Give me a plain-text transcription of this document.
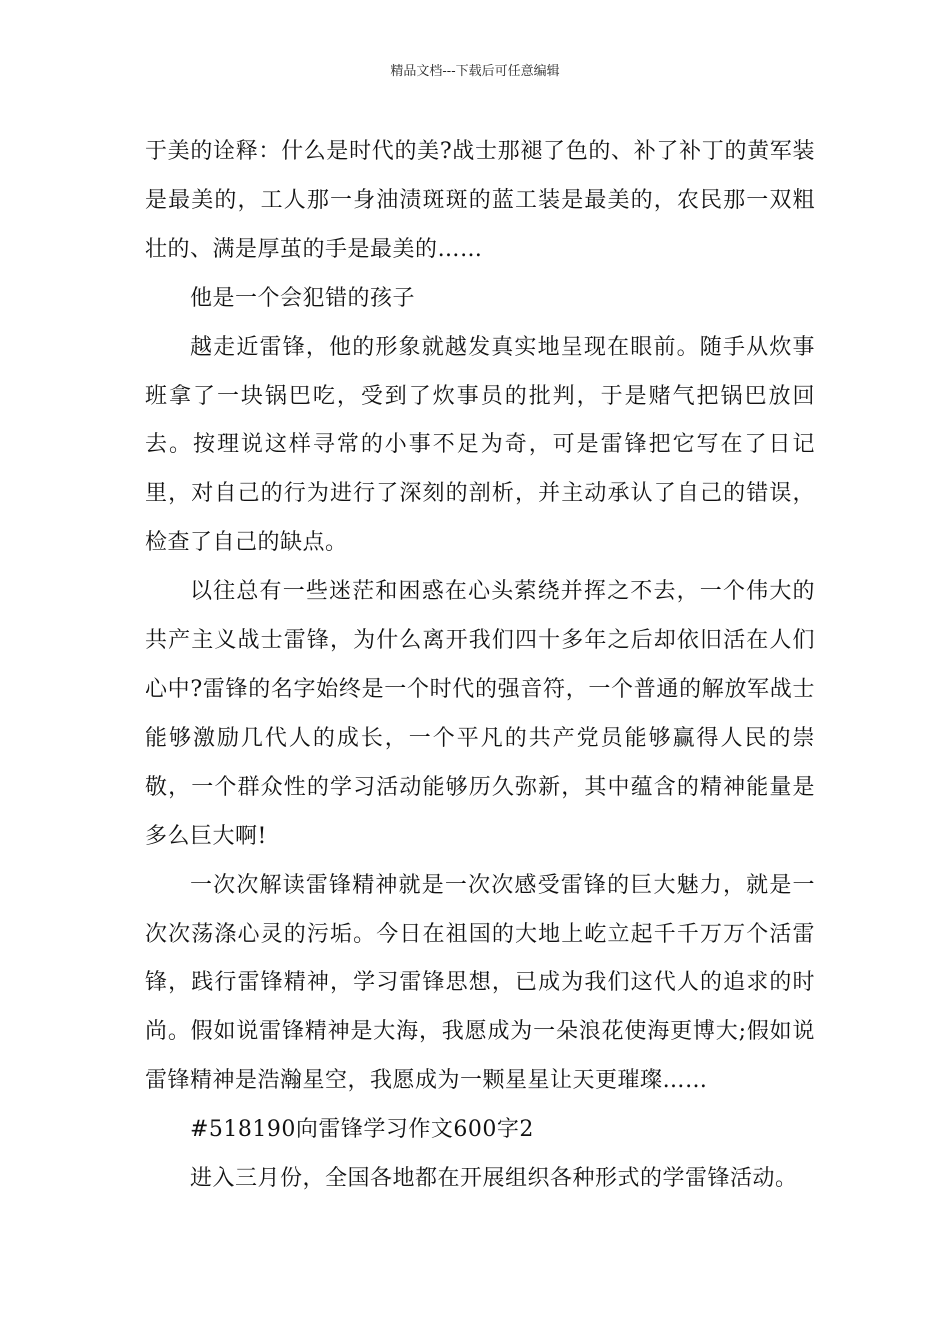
精品文档---下载后可任意编辑

于美的诠释：什么是时代的美?战士那褪了色的、补了补丁的黄军装是最美的，工人那一身油渍斑斑的蓝工装是最美的，农民那一双粗壮的、满是厚茧的手是最美的……

他是一个会犯错的孩子

越走近雷锋，他的形象就越发真实地呈现在眼前。随手从炊事班拿了一块锅巴吃，受到了炊事员的批判，于是赌气把锅巴放回去。按理说这样寻常的小事不足为奇，可是雷锋把它写在了日记里，对自己的行为进行了深刻的剖析，并主动承认了自己的错误，检查了自己的缺点。

以往总有一些迷茫和困惑在心头萦绕并挥之不去，一个伟大的共产主义战士雷锋，为什么离开我们四十多年之后却依旧活在人们心中?雷锋的名字始终是一个时代的强音符，一个普通的解放军战士能够激励几代人的成长，一个平凡的共产党员能够赢得人民的崇敬，一个群众性的学习活动能够历久弥新，其中蕴含的精神能量是多么巨大啊!

一次次解读雷锋精神就是一次次感受雷锋的巨大魅力，就是一次次荡涤心灵的污垢。今日在祖国的大地上屹立起千千万万个活雷锋，践行雷锋精神，学习雷锋思想，已成为我们这代人的追求的时尚。假如说雷锋精神是大海，我愿成为一朵浪花使海更博大;假如说雷锋精神是浩瀚星空，我愿成为一颗星星让天更璀璨……

#518190向雷锋学习作文600字2

进入三月份，全国各地都在开展组织各种形式的学雷锋活动。
